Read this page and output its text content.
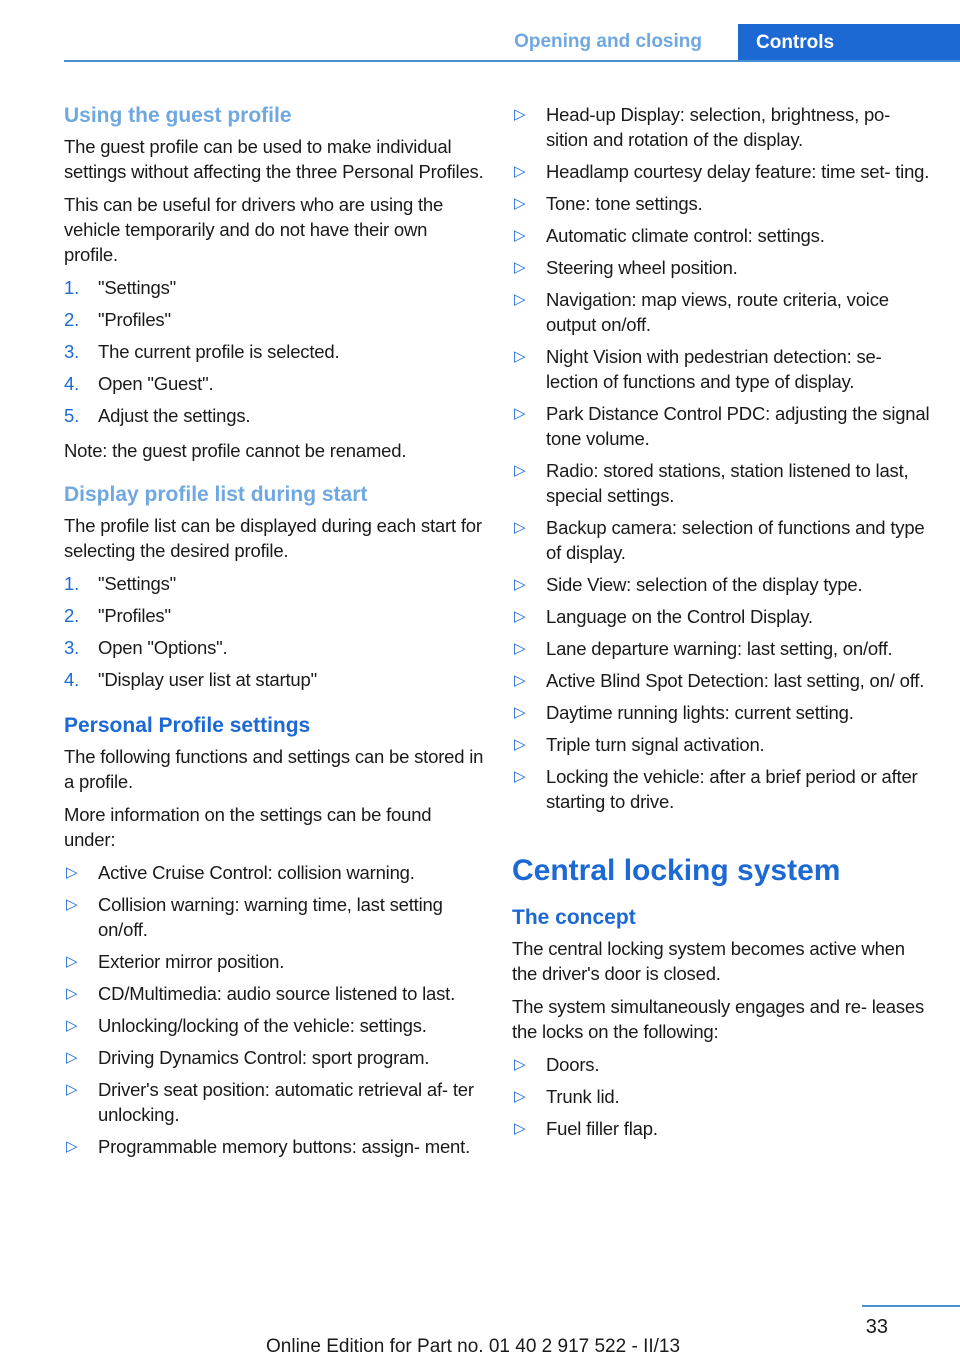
Opening and closing	Controls
Using the guest profile

The guest profile can be used to make individual settings without affecting the three Personal Profiles.

This can be useful for drivers who are using the vehicle temporarily and do not have their own profile.

1. "Settings"
2. "Profiles"
3. The current profile is selected.
4. Open "Guest".
5. Adjust the settings.

Note: the guest profile cannot be renamed.

Display profile list during start

The profile list can be displayed during each start for selecting the desired profile.

1. "Settings"
2. "Profiles"
3. Open "Options".
4. "Display user list at startup"
Personal Profile settings

The following functions and settings can be stored in a profile.

More information on the settings can be found under:

▷ Active Cruise Control: collision warning.
▷ Collision warning: warning time, last setting on/off.
▷ Exterior mirror position.
▷ CD/Multimedia: audio source listened to last.
▷ Unlocking/locking of the vehicle: settings.
▷ Driving Dynamics Control: sport program.
▷ Driver's seat position: automatic retrieval af‐ ter unlocking.
▷ Programmable memory buttons: assign‐ ment.
▷ Head-up Display: selection, brightness, po‐ sition and rotation of the display.
▷ Headlamp courtesy delay feature: time set‐ ting.
▷ Tone: tone settings.
▷ Automatic climate control: settings.
▷ Steering wheel position.
▷ Navigation: map views, route criteria, voice output on/off.
▷ Night Vision with pedestrian detection: se‐ lection of functions and type of display.
▷ Park Distance Control PDC: adjusting the signal tone volume.
▷ Radio: stored stations, station listened to last, special settings.
▷ Backup camera: selection of functions and type of display.
▷ Side View: selection of the display type.
▷ Language on the Control Display.
▷ Lane departure warning: last setting, on/off.
▷ Active Blind Spot Detection: last setting, on/ off.
▷ Daytime running lights: current setting.
▷ Triple turn signal activation.
▷ Locking the vehicle: after a brief period or after starting to drive.
Central locking system
The concept

The central locking system becomes active when the driver's door is closed.

The system simultaneously engages and re‐ leases the locks on the following:

▷ Doors.
▷ Trunk lid.
▷ Fuel filler flap.
33
Online Edition for Part no. 01 40 2 917 522 - II/13
